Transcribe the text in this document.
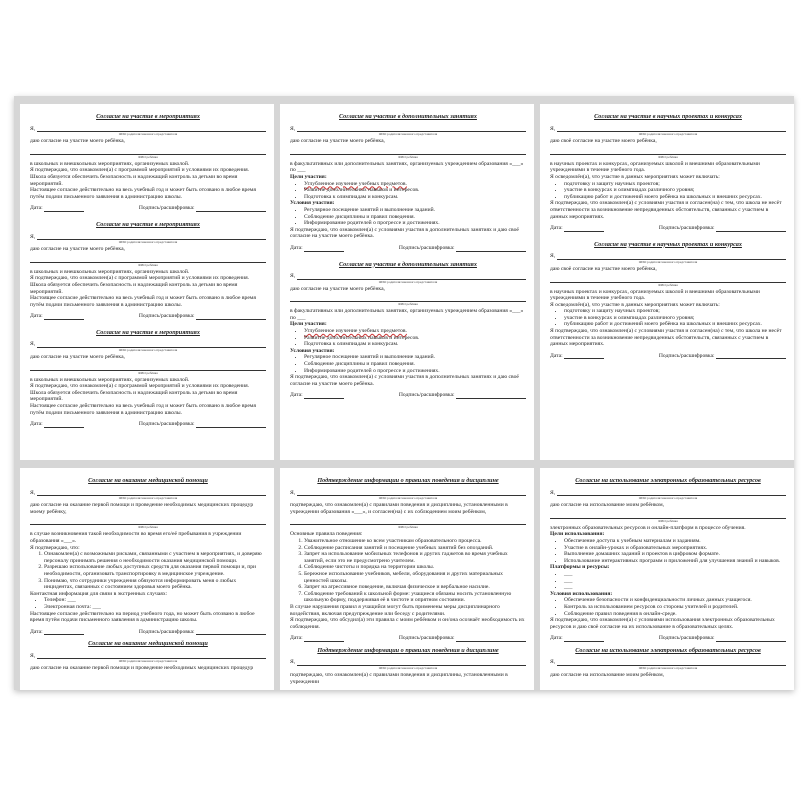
Согласие на участие в мероприятиях
Я,
ФИО родителя/законного представителя

даю согласие на участие моего ребёнка,

ФИО ребёнка

в школьных и внешкольных мероприятиях, организуемых школой.

Я подтверждаю, что ознакомлен(а) с программой мероприятий и условиями их проведения. Школа обязуется обеспечить безопасность и надлежащий контроль за детьми во время мероприятий.

Настоящее согласие действительно на весь учебный год и может быть отозвано в любое время путём подачи письменного заявления в администрацию школы.

Дата:	Подпись/расшифровка:
Согласие на участие в мероприятиях
Я,
ФИО родителя/законного представителя

даю согласие на участие моего ребёнка,

ФИО ребёнка

в школьных и внешкольных мероприятиях, организуемых школой.

Я подтверждаю, что ознакомлен(а) с программой мероприятий и условиями их проведения. Школа обязуется обеспечить безопасность и надлежащий контроль за детьми во время мероприятий.

Настоящее согласие действительно на весь учебный год и может быть отозвано в любое время путём подачи письменного заявления в администрацию школы.

Дата:	Подпись/расшифровка:
Согласие на участие в мероприятиях
Я,
ФИО родителя/законного представителя

даю согласие на участие моего ребёнка,

ФИО ребёнка

в школьных и внешкольных мероприятиях, организуемых школой.

Я подтверждаю, что ознакомлен(а) с программой мероприятий и условиями их проведения. Школа обязуется обеспечить безопасность и надлежащий контроль за детьми во время мероприятий.

Настоящее согласие действительно на весь учебный год и может быть отозвано в любое время путём подачи письменного заявления в администрацию школы.

Дата:	Подпись/расшифровка:
Согласие на участие в дополнительных занятиях
Я,
ФИО родителя/законного представителя

даю согласие на участие моего ребёнка,

ФИО ребёнка

в факультативных или дополнительных занятиях, организуемых учреждением образования «___» по ___

Цели участия:

• Углубленное изучение учебных предметов.
• Развитие дополнительных навыков и интересов.
• Подготовка к олимпиадам и конкурсам.

Условия участия:

• Регулярное посещение занятий и выполнение заданий.
• Соблюдение дисциплины и правил поведения.
• Информирование родителей о прогрессе и достижениях.

Я подтверждаю, что ознакомлен(а) с условиями участия в дополнительных занятиях и даю своё согласие на участие моего ребёнка.

Дата:	Подпись/расшифровка:
Согласие на участие в дополнительных занятиях
Я,
ФИО родителя/законного представителя

даю согласие на участие моего ребёнка,

ФИО ребёнка

в факультативных или дополнительных занятиях, организуемых учреждением образования «___» по ___

Цели участия:

• Углубленное изучение учебных предметов.
• Развитие дополнительных навыков и интересов.
• Подготовка к олимпиадам и конкурсам.

Условия участия:

• Регулярное посещение занятий и выполнение заданий.
• Соблюдение дисциплины и правил поведения.
• Информирование родителей о прогрессе и достижениях.

Я подтверждаю, что ознакомлен(а) с условиями участия в дополнительных занятиях и даю своё согласие на участие моего ребёнка.

Дата:	Подпись/расшифровка:
Согласие на участие в научных проектах и конкурсах
Я,
ФИО родителя/законного представителя

даю своё согласие на участие моего ребёнка,

ФИО ребёнка

в научных проектах и конкурсах, организуемых школой и внешними образовательными учреждениями в течение учебного года.

Я осведомлён(а), что участие в данных мероприятиях может включать:

• подготовку и защиту научных проектов;
• участие в конкурсах и олимпиадах различного уровня;
• публикацию работ и достижений моего ребёнка на школьных и внешних ресурсах.

Я подтверждаю, что ознакомлен(а) с условиями участия и согласен(на) с тем, что школа не несёт ответственности за возникновение непредвиденных обстоятельств, связанных с участием в данных мероприятиях.

Дата:	Подпись/расшифровка:
Согласие на участие в научных проектах и конкурсах
Я,
ФИО родителя/законного представителя

даю своё согласие на участие моего ребёнка,

ФИО ребёнка

в научных проектах и конкурсах, организуемых школой и внешними образовательными учреждениями в течение учебного года.

Я осведомлён(а), что участие в данных мероприятиях может включать:

• подготовку и защиту научных проектов;
• участие в конкурсах и олимпиадах различного уровня;
• публикацию работ и достижений моего ребёнка на школьных и внешних ресурсах.

Я подтверждаю, что ознакомлен(а) с условиями участия и согласен(на) с тем, что школа не несёт ответственности за возникновение непредвиденных обстоятельств, связанных с участием в данных мероприятиях.

Дата:	Подпись/расшифровка:
Согласие на оказание медицинской помощи
Я,
ФИО родителя/законного представителя

даю согласие на оказание первой помощи и проведение необходимых медицинских процедур моему ребёнку,

ФИО ребёнка

в случае возникновения такой необходимости во время его/её пребывания в учреждении образования «___».

Я подтверждаю, что:

1. Ознакомлен(а) с возможными рисками, связанными с участием в мероприятиях, и доверяю персоналу принимать решения о необходимости оказания медицинской помощи.
2. Разрешаю использование любых доступных средств для оказания первой помощи и, при необходимости, организовать транспортировку в медицинское учреждение.
3. Понимаю, что сотрудники учреждения обязуются информировать меня о любых инцидентах, связанных с состоянием здоровья моего ребёнка.

Контактная информация для связи в экстренных случаях:

• Телефон: ___
• Электронная почта: ___

Настоящее согласие действительно на период учебного года, но может быть отозвано в любое время путём подачи письменного заявления в администрацию школы.

Дата:	Подпись/расшифровка:
Согласие на оказание медицинской помощи
Я,
ФИО родителя/законного представителя

даю согласие на оказание первой помощи и проведение необходимых медицинских процедур

Подтверждение информации о правилах поведения и дисциплине
Я,
ФИО родителя/законного представителя

подтверждаю, что ознакомлен(а) с правилами поведения и дисциплины, установленными в учреждении образования «___», и согласен(на) с их соблюдением моим ребёнком,

ФИО ребёнка

Основные правила поведения:

1. Уважительное отношение ко всем участникам образовательного процесса.
2. Соблюдение расписания занятий и посещение учебных занятий без опозданий.
3. Запрет на использование мобильных телефонов и других гаджетов во время учебных занятий, если это не предусмотрено учителем.
4. Соблюдение чистоты и порядка на территории школы.
5. Бережное использование учебников, мебели, оборудования и других материальных ценностей школы.
6. Запрет на агрессивное поведение, включая физическое и вербальное насилие.
7. Соблюдение требований к школьной форме: учащиеся обязаны носить установленную школьную форму, поддерживая её в чистоте и опрятном состоянии.

В случае нарушения правил я учащийся могут быть применены меры дисциплинарного воздействия, включая предупреждение или беседу с родителями.

Я подтверждаю, что обсудил(а) эти правила с моим ребёнком и он/она осознаёт необходимость их соблюдения.

Дата:	Подпись/расшифровка:
Подтверждение информации о правилах поведения и дисциплине
Я,
ФИО родителя/законного представителя

подтверждаю, что ознакомлен(а) с правилами поведения и дисциплины, установленными в учреждении

Согласие на использование электронных образовательных ресурсов
Я,
ФИО родителя/законного представителя

даю согласие на использование моим ребёнком,

ФИО ребёнка

электронных образовательных ресурсов и онлайн-платформ в процессе обучения.

Цели использования:

• Обеспечение доступа к учебным материалам и заданиям.
• Участие в онлайн-уроках и образовательных мероприятиях.
• Выполнение домашних заданий и проектов в цифровом формате.
• Использование интерактивных программ и приложений для улучшения знаний и навыков.

Платформы и ресурсы:

• ___
• ___
• ___

Условия использования:

• Обеспечение безопасности и конфиденциальности личных данных учащегося.
• Контроль за использованием ресурсов со стороны учителей и родителей.
• Соблюдение правил поведения в онлайн-среде.

Я подтверждаю, что ознакомлен(а) с условиями использования электронных образовательных ресурсов и даю своё согласие на их использование в образовательных целях.

Дата:	Подпись/расшифровка:
Согласие на использование электронных образовательных ресурсов
Я,
ФИО родителя/законного представителя

даю согласие на использование моим ребёнком,
